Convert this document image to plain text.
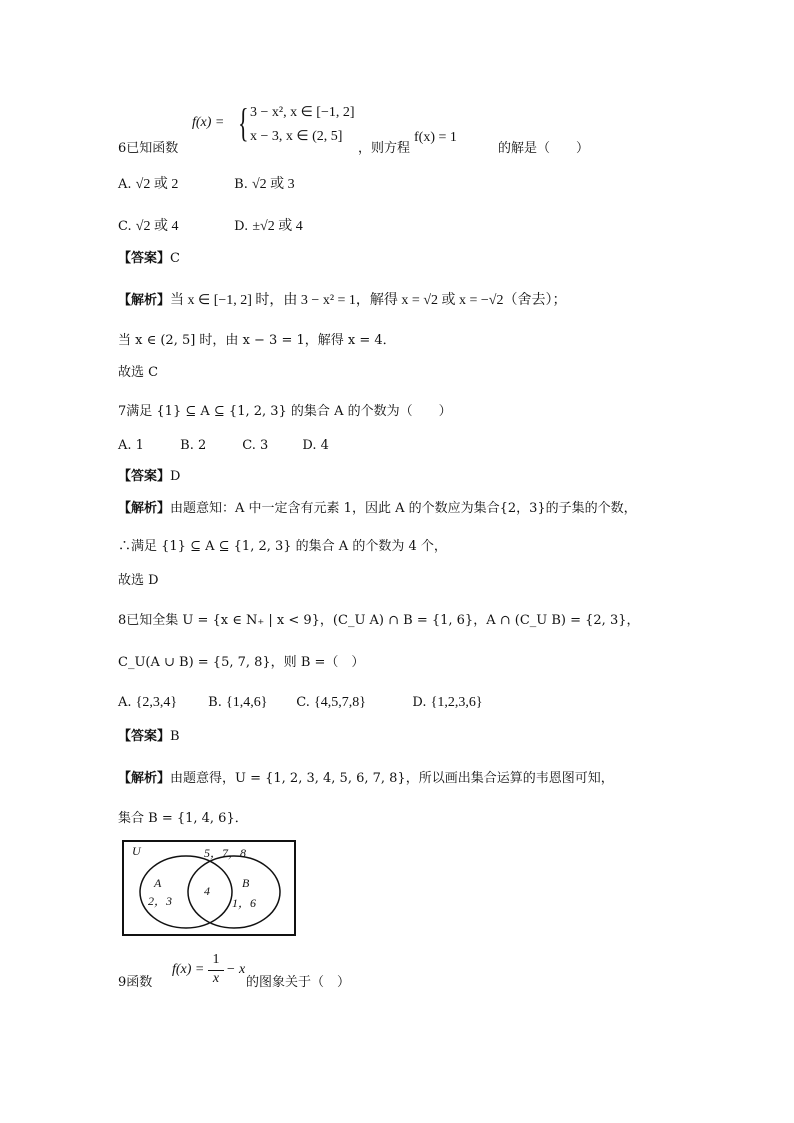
f(x) = { 3 − x², x ∈ [−1, 2]
x − 3, x ∈ (2, 5]
6已知函数	，则方程
f(x) = 1
的解是（　　）
A. √2 或 2	B. √2 或 3
C. √2 或 4	D. ±√2 或 4
【答案】C
【解析】当 x ∈ [−1, 2] 时，由 3 − x² = 1，解得 x = √2 或 x = −√2（舍去）；
当 x ∈ (2, 5] 时，由 x − 3 = 1，解得 x = 4．
故选 C
7满足 {1} ⊆ A ⊆ {1, 2, 3} 的集合 A 的个数为（　　）
A. 1	B. 2	C. 3	D. 4
【答案】D
【解析】由题意知：A 中一定含有元素 1，因此 A 的个数应为集合{2，3}的子集的个数，
∴满足 {1} ⊆ A ⊆ {1, 2, 3} 的集合 A 的个数为 4 个，
故选 D
8已知全集 U = {x ∈ N₊ | x < 9}，(C_U A) ∩ B = {1, 6}，A ∩ (C_U B) = {2, 3}，
C_U(A ∪ B) = {5, 7, 8}，则 B =（　）
A. {2,3,4} B. {1,4,6} C. {4,5,7,8}	D. {1,2,3,6}
【答案】B
【解析】由题意得，U = {1, 2, 3, 4, 5, 6, 7, 8}，所以画出集合运算的韦恩图可知，
集合 B = {1, 4, 6}．
U	5，7，8
A
2，3
4
B
1，6
9函数
f(x) =
1
x
− x
的图象关于（　）
